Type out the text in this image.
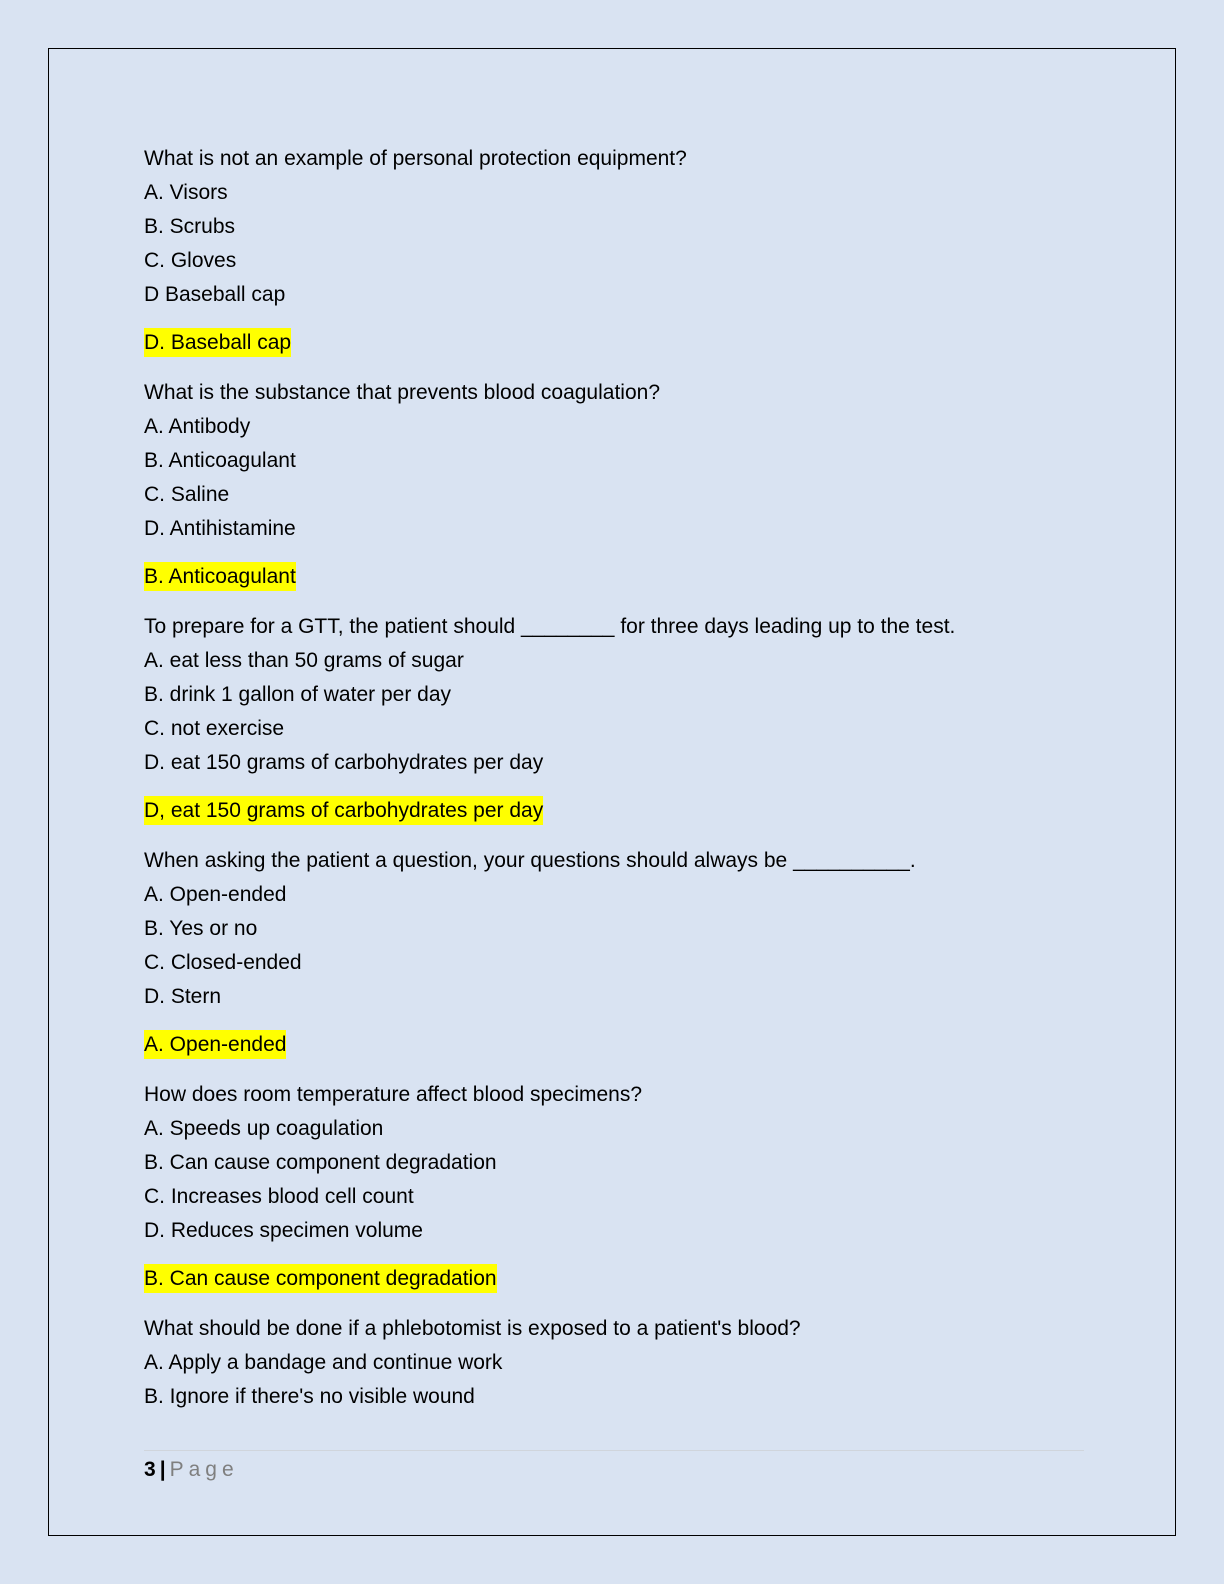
What is not an example of personal protection equipment?
A. Visors
B. Scrubs
C. Gloves
D Baseball cap
D. Baseball cap
What is the substance that prevents blood coagulation?
A. Antibody
B. Anticoagulant
C. Saline
D. Antihistamine
B. Anticoagulant
To prepare for a GTT, the patient should ________ for three days leading up to the test.
A. eat less than 50 grams of sugar
B. drink 1 gallon of water per day
C. not exercise
D. eat 150 grams of carbohydrates per day
D, eat 150 grams of carbohydrates per day
When asking the patient a question, your questions should always be __________.
A. Open-ended
B. Yes or no
C. Closed-ended
D. Stern
A. Open-ended
How does room temperature affect blood specimens?
A. Speeds up coagulation
B. Can cause component degradation
C. Increases blood cell count
D. Reduces specimen volume
B. Can cause component degradation
What should be done if a phlebotomist is exposed to a patient's blood?
A. Apply a bandage and continue work
B. Ignore if there's no visible wound
3 | Page
